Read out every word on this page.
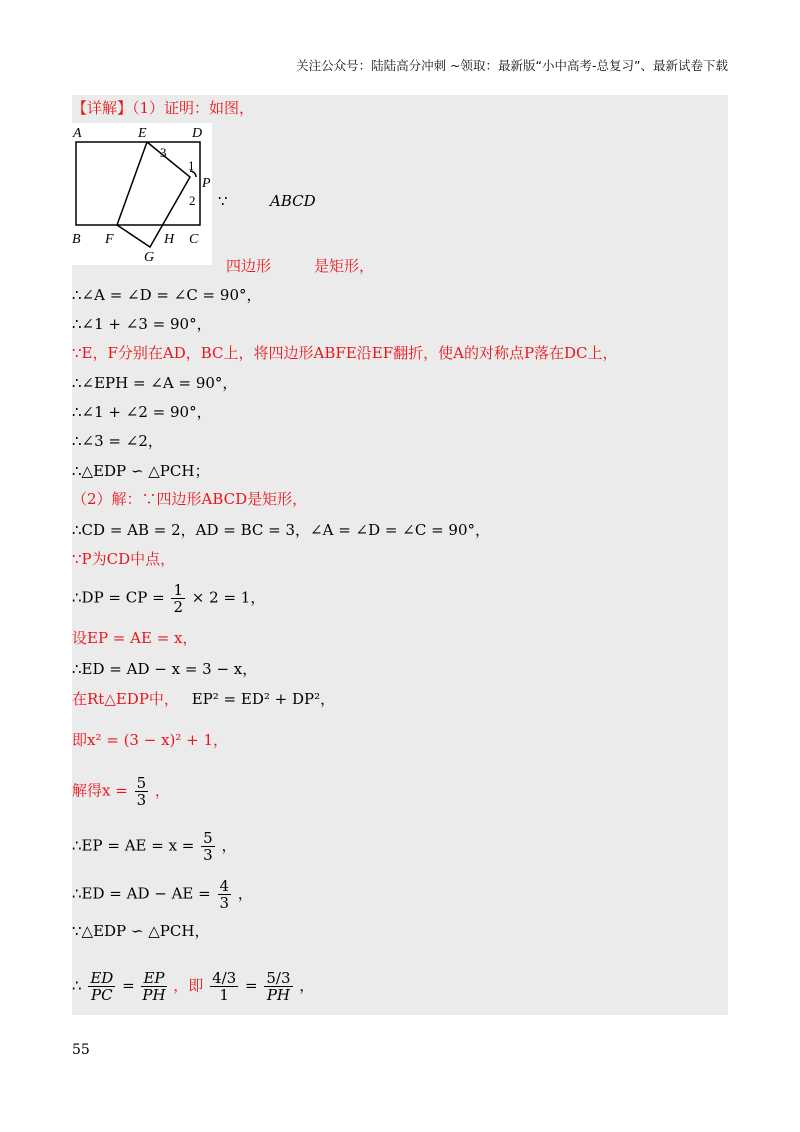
关注公众号：陆陆高分冲刺 ~领取：最新版“小中高考-总复习”、最新试卷下载
【详解】（1）证明：如图，
A	E	D
P
B F	H C
G
1
2
3
∵	ABCD
四边形	是矩形，
∴∠A = ∠D = ∠C = 90°，
∴∠1 + ∠3 = 90°，
∵E，F分别在AD，BC上，将四边形ABFE沿EF翻折，使A的对称点P落在DC上，
∴∠EPH = ∠A = 90°，
∴∠1 + ∠2 = 90°，
∴∠3 = ∠2，
∴△EDP ∽ △PCH；
（2）解：∵四边形ABCD是矩形，
∴CD = AB = 2，AD = BC = 3，∠A = ∠D = ∠C = 90°，
∵P为CD中点，
∴DP = CP = $\frac{1}{2} \times 2 = 1$，
设EP = AE = x，
∴ED = AD − x = 3 − x，
在Rt△EDP中， EP² = ED² + DP²，
即x² = (3 − x)² + 1，
解得$x = \frac{5}{3}$ ，
∴EP = AE = $x = \frac{5}{3}$ ，
∴ED = AD − AE = $\frac{4}{3}$ ，
∵△EDP ∽ △PCH，
∴ $\frac{ED}{PC} = \frac{EP}{PH}$ ，即 $\frac{4/3}{1} = \frac{5/3}{PH}$ ，
55
